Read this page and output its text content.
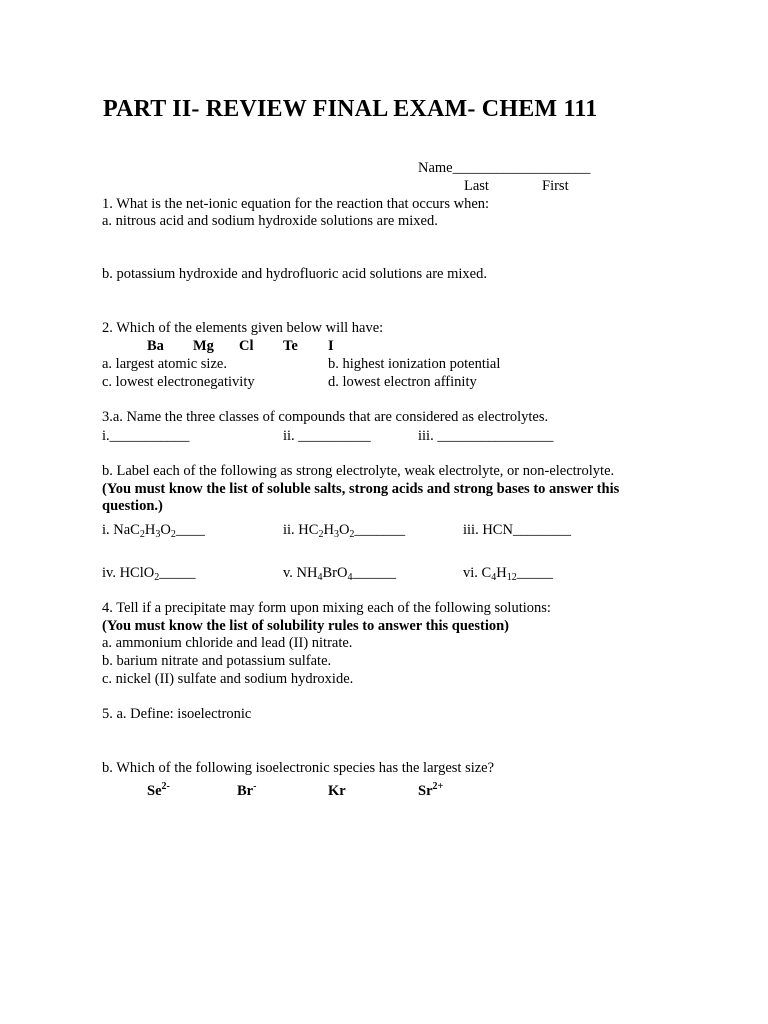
PART II- REVIEW FINAL EXAM- CHEM 111
Name___________________
Last	First
1. What is the net-ionic equation for the reaction that occurs when:
a. nitrous acid and sodium hydroxide solutions are mixed.
b. potassium hydroxide and hydrofluoric acid solutions are mixed.
2. Which of the elements given below will have:
Ba Mg Cl Te I
a. largest atomic size.	b. highest ionization potential
c. lowest electronegativity	d. lowest electron affinity
3.a. Name the three classes of compounds that are considered as electrolytes.
i.___________	ii. __________	iii. ________________
b. Label each of the following as strong electrolyte, weak electrolyte, or non-electrolyte.
(You must know the list of soluble salts, strong acids and strong bases to answer this
question.)
i. $NaC_2H_3O_2\_\_\_\_$	ii. $HC_2H_3O_2\_\_\_\_\_\_\_$	iii. HCN________
iv. HClO$_2$_____	v. $NH_4BrO_4\_\_\_\_\_\_$	vi. $C_4H_{12}\_\_\_\_\_$
4. Tell if a precipitate may form upon mixing each of the following solutions:
(You must know the list of solubility rules to answer this question)
a. ammonium chloride and lead (II) nitrate.
b. barium nitrate and potassium sulfate.
c. nickel (II) sulfate and sodium hydroxide.
5. a. Define: isoelectronic
b. Which of the following isoelectronic species has the largest size?
$Se^{2-}$	Br-	Kr	$Sr^{2+}$
